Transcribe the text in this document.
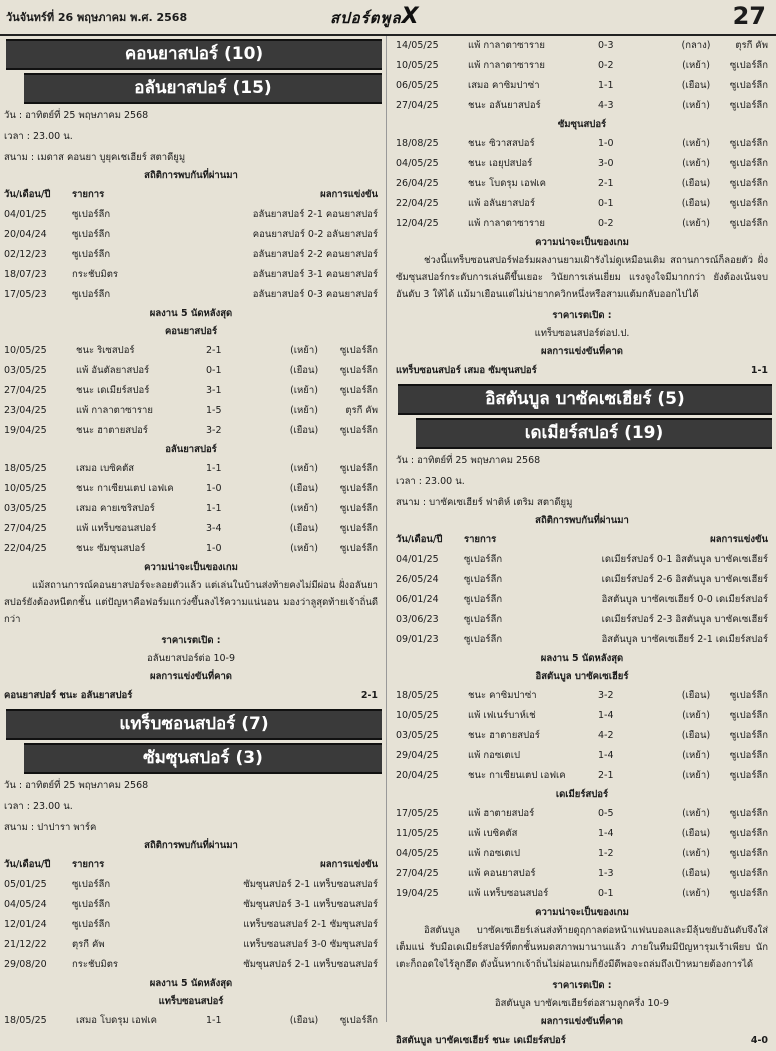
วันจันทร์ที่ 26 พฤษภาคม พ.ศ. 2568	สปอร์ตพูลX	27
คอนยาสปอร์ (10)
อลันยาสปอร์ (15)
วัน : อาทิตย์ที่ 25 พฤษภาคม 2568
เวลา : 23.00 น.
สนาม : เมดาส คอนยา บูยุคเชเฮียร์ สตาดียูมู
สถิติการพบกันที่ผ่านมา
วัน/เดือน/ปี	รายการ	ผลการแข่งขัน
04/01/25	ซูเปอร์ลีก	อลันยาสปอร์ 2-1 คอนยาสปอร์
20/04/24	ซูเปอร์ลีก	คอนยาสปอร์ 0-2 อลันยาสปอร์
02/12/23	ซูเปอร์ลีก	อลันยาสปอร์ 2-2 คอนยาสปอร์
18/07/23	กระชับมิตร	อลันยาสปอร์ 3-1 คอนยาสปอร์
17/05/23	ซูเปอร์ลีก	อลันยาสปอร์ 0-3 คอนยาสปอร์
ผลงาน 5 นัดหลังสุด
คอนยาสปอร์
10/05/25	ชนะ ริเซสปอร์	2-1	(เหย้า)	ซูเปอร์ลีก
03/05/25	แพ้ อันตัลยาสปอร์	0-1	(เยือน)	ซูเปอร์ลีก
27/04/25	ชนะ เดเมียร์สปอร์	3-1	(เหย้า)	ซูเปอร์ลีก
23/04/25	แพ้ กาลาตาซาราย	1-5	(เหย้า)	ตุรกี คัพ
19/04/25	ชนะ ฮาตายสปอร์	3-2	(เยือน)	ซูเปอร์ลีก
อลันยาสปอร์
18/05/25	เสมอ เบซิคตัส	1-1	(เหย้า)	ซูเปอร์ลีก
10/05/25	ชนะ กาเซียนเตป เอฟเค	1-0	(เยือน)	ซูเปอร์ลีก
03/05/25	เสมอ คายเซริสปอร์	1-1	(เหย้า)	ซูเปอร์ลีก
27/04/25	แพ้ แทร็บซอนสปอร์	3-4	(เยือน)	ซูเปอร์ลีก
22/04/25	ชนะ ซัมซุนสปอร์	1-0	(เหย้า)	ซูเปอร์ลีก
ความน่าจะเป็นของเกม
แม้สถานการณ์คอนยาสปอร์จะลอยตัวแล้ว แต่เล่นในบ้านส่งท้ายคงไม่มีผ่อน ฝั่งอลันยาสปอร์ยังต้องหนีตกชั้น แต่ปัญหาคือฟอร์มแกว่งขึ้นลงไร้ความแน่นอน มองว่าลูสุดท้ายเจ้าถิ่นดีกว่า
ราคาเรตเปิด :
อลันยาสปอร์ต่อ 10-9
ผลการแข่งขันที่คาด
คอนยาสปอร์ ชนะ อลันยาสปอร์	2-1
แทร็บซอนสปอร์ (7)
ซัมซุนสปอร์ (3)
วัน : อาทิตย์ที่ 25 พฤษภาคม 2568
เวลา : 23.00 น.
สนาม : ปาปารา พาร์ค
สถิติการพบกันที่ผ่านมา
วัน/เดือน/ปี	รายการ	ผลการแข่งขัน
05/01/25	ซูเปอร์ลีก	ซัมซุนสปอร์ 2-1 แทร็บซอนสปอร์
04/05/24	ซูเปอร์ลีก	ซัมซุนสปอร์ 3-1 แทร็บซอนสปอร์
12/01/24	ซูเปอร์ลีก	แทร็บซอนสปอร์ 2-1 ซัมซุนสปอร์
21/12/22	ตุรกี คัพ	แทร็บซอนสปอร์ 3-0 ซัมซุนสปอร์
29/08/20	กระชับมิตร	ซัมซุนสปอร์ 2-1 แทร็บซอนสปอร์
ผลงาน 5 นัดหลังสุด
แทร็บซอนสปอร์
18/05/25	เสมอ โบดรุม เอฟเค	1-1	(เยือน)	ซูเปอร์ลีก
14/05/25	แพ้ กาลาตาซาราย	0-3	(กลาง)	ตุรกี คัพ
10/05/25	แพ้ กาลาตาซาราย	0-2	(เหย้า)	ซูเปอร์ลีก
06/05/25	เสมอ คาซิมปาซ่า	1-1	(เยือน)	ซูเปอร์ลีก
27/04/25	ชนะ อลันยาสปอร์	4-3	(เหย้า)	ซูเปอร์ลีก
ซัมซุนสปอร์
18/08/25	ชนะ ซิวาสสปอร์	1-0	(เหย้า)	ซูเปอร์ลีก
04/05/25	ชนะ เอยุปสปอร์	3-0	(เหย้า)	ซูเปอร์ลีก
26/04/25	ชนะ โบดรุม เอฟเค	2-1	(เยือน)	ซูเปอร์ลีก
22/04/25	แพ้ อลันยาสปอร์	0-1	(เยือน)	ซูเปอร์ลีก
12/04/25	แพ้ กาลาตาซาราย	0-2	(เหย้า)	ซูเปอร์ลีก
ความน่าจะเป็นของเกม
ช่วงนี้แทร็บซอนสปอร์ฟอร์มผลงานยามเฝ้ารังไม่ดูเหมือนเดิม สถานการณ์ก็ลอยตัว ฝั่งซัมซุนสปอร์กระดับการเล่นดีขึ้นเยอะ วินัยการเล่นเยี่ยม แรงจูงใจมีมากกว่า ยังต้องเน้นจบอันดับ 3 ให้ได้ แม้มาเยือนแต่ไม่น่ายากควิกหนึ่งหรือสามแต้มกลับออกไปได้
ราคาเรตเปิด :
แทร็บซอนสปอร์ต่อป.ป.
ผลการแข่งขันที่คาด
แทร็บซอนสปอร์ เสมอ ซัมซุนสปอร์	1-1
อิสตันบูล บาซัคเซเฮียร์ (5)
เดเมียร์สปอร์ (19)
วัน : อาทิตย์ที่ 25 พฤษภาคม 2568
เวลา : 23.00 น.
สนาม : บาซัคเซเฮียร์ ฟาติห์ เตริม สตาดียูมู
สถิติการพบกันที่ผ่านมา
วัน/เดือน/ปี	รายการ	ผลการแข่งขัน
04/01/25	ซูเปอร์ลีก	เดเมียร์สปอร์ 0-1 อิสตันบูล บาซัคเซเฮียร์
26/05/24	ซูเปอร์ลีก	เดเมียร์สปอร์ 2-6 อิสตันบูล บาซัคเซเฮียร์
06/01/24	ซูเปอร์ลีก	อิสตันบูล บาซัคเซเฮียร์ 0-0 เดเมียร์สปอร์
03/06/23	ซูเปอร์ลีก	เดเมียร์สปอร์ 2-3 อิสตันบูล บาซัคเซเฮียร์
09/01/23	ซูเปอร์ลีก	อิสตันบูล บาซัคเซเฮียร์ 2-1 เดเมียร์สปอร์
ผลงาน 5 นัดหลังสุด
อิสตันบูล บาซัคเซเฮียร์
18/05/25	ชนะ คาซิมปาซ่า	3-2	(เยือน)	ซูเปอร์ลีก
10/05/25	แพ้ เฟเนร์บาห์เช่	1-4	(เหย้า)	ซูเปอร์ลีก
03/05/25	ชนะ ฮาตายสปอร์	4-2	(เยือน)	ซูเปอร์ลีก
29/04/25	แพ้ กอซเตเป	1-4	(เหย้า)	ซูเปอร์ลีก
20/04/25	ชนะ กาเซียนเตป เอฟเค	2-1	(เหย้า)	ซูเปอร์ลีก
เดเมียร์สปอร์
17/05/25	แพ้ ฮาตายสปอร์	0-5	(เหย้า)	ซูเปอร์ลีก
11/05/25	แพ้ เบซิคตัส	1-4	(เยือน)	ซูเปอร์ลีก
04/05/25	แพ้ กอซเตเป	1-2	(เหย้า)	ซูเปอร์ลีก
27/04/25	แพ้ คอนยาสปอร์	1-3	(เยือน)	ซูเปอร์ลีก
19/04/25	แพ้ แทร็บซอนสปอร์	0-1	(เหย้า)	ซูเปอร์ลีก
ความน่าจะเป็นของเกม
อิสตันบูล บาซัคเซเฮียร์เล่นส่งท้ายดูฤกาลต่อหน้าแฟนบอลและมีลุ้นขยับอันดับจึงใส่เต็มแน่ รับมือเดเมียร์สปอร์ที่ตกชั้นหมดสภาพมานานแล้ว ภายในทีมมีปัญหารุมเร้าเพียบ นักเตะก็ถอดใจไร้ลูกฮึด ดังนั้นหากเจ้าถิ่นไม่ผ่อนเกมก็ยังมีดีพอจะถล่มถึงเป้าหมายต้องการได้
ราคาเรตเปิด :
อิสตันบูล บาซัคเซเฮียร์ต่อสามลูกครึ่ง 10-9
ผลการแข่งขันที่คาด
อิสตันบูล บาซัคเซเฮียร์ ชนะ เดเมียร์สปอร์	4-0
